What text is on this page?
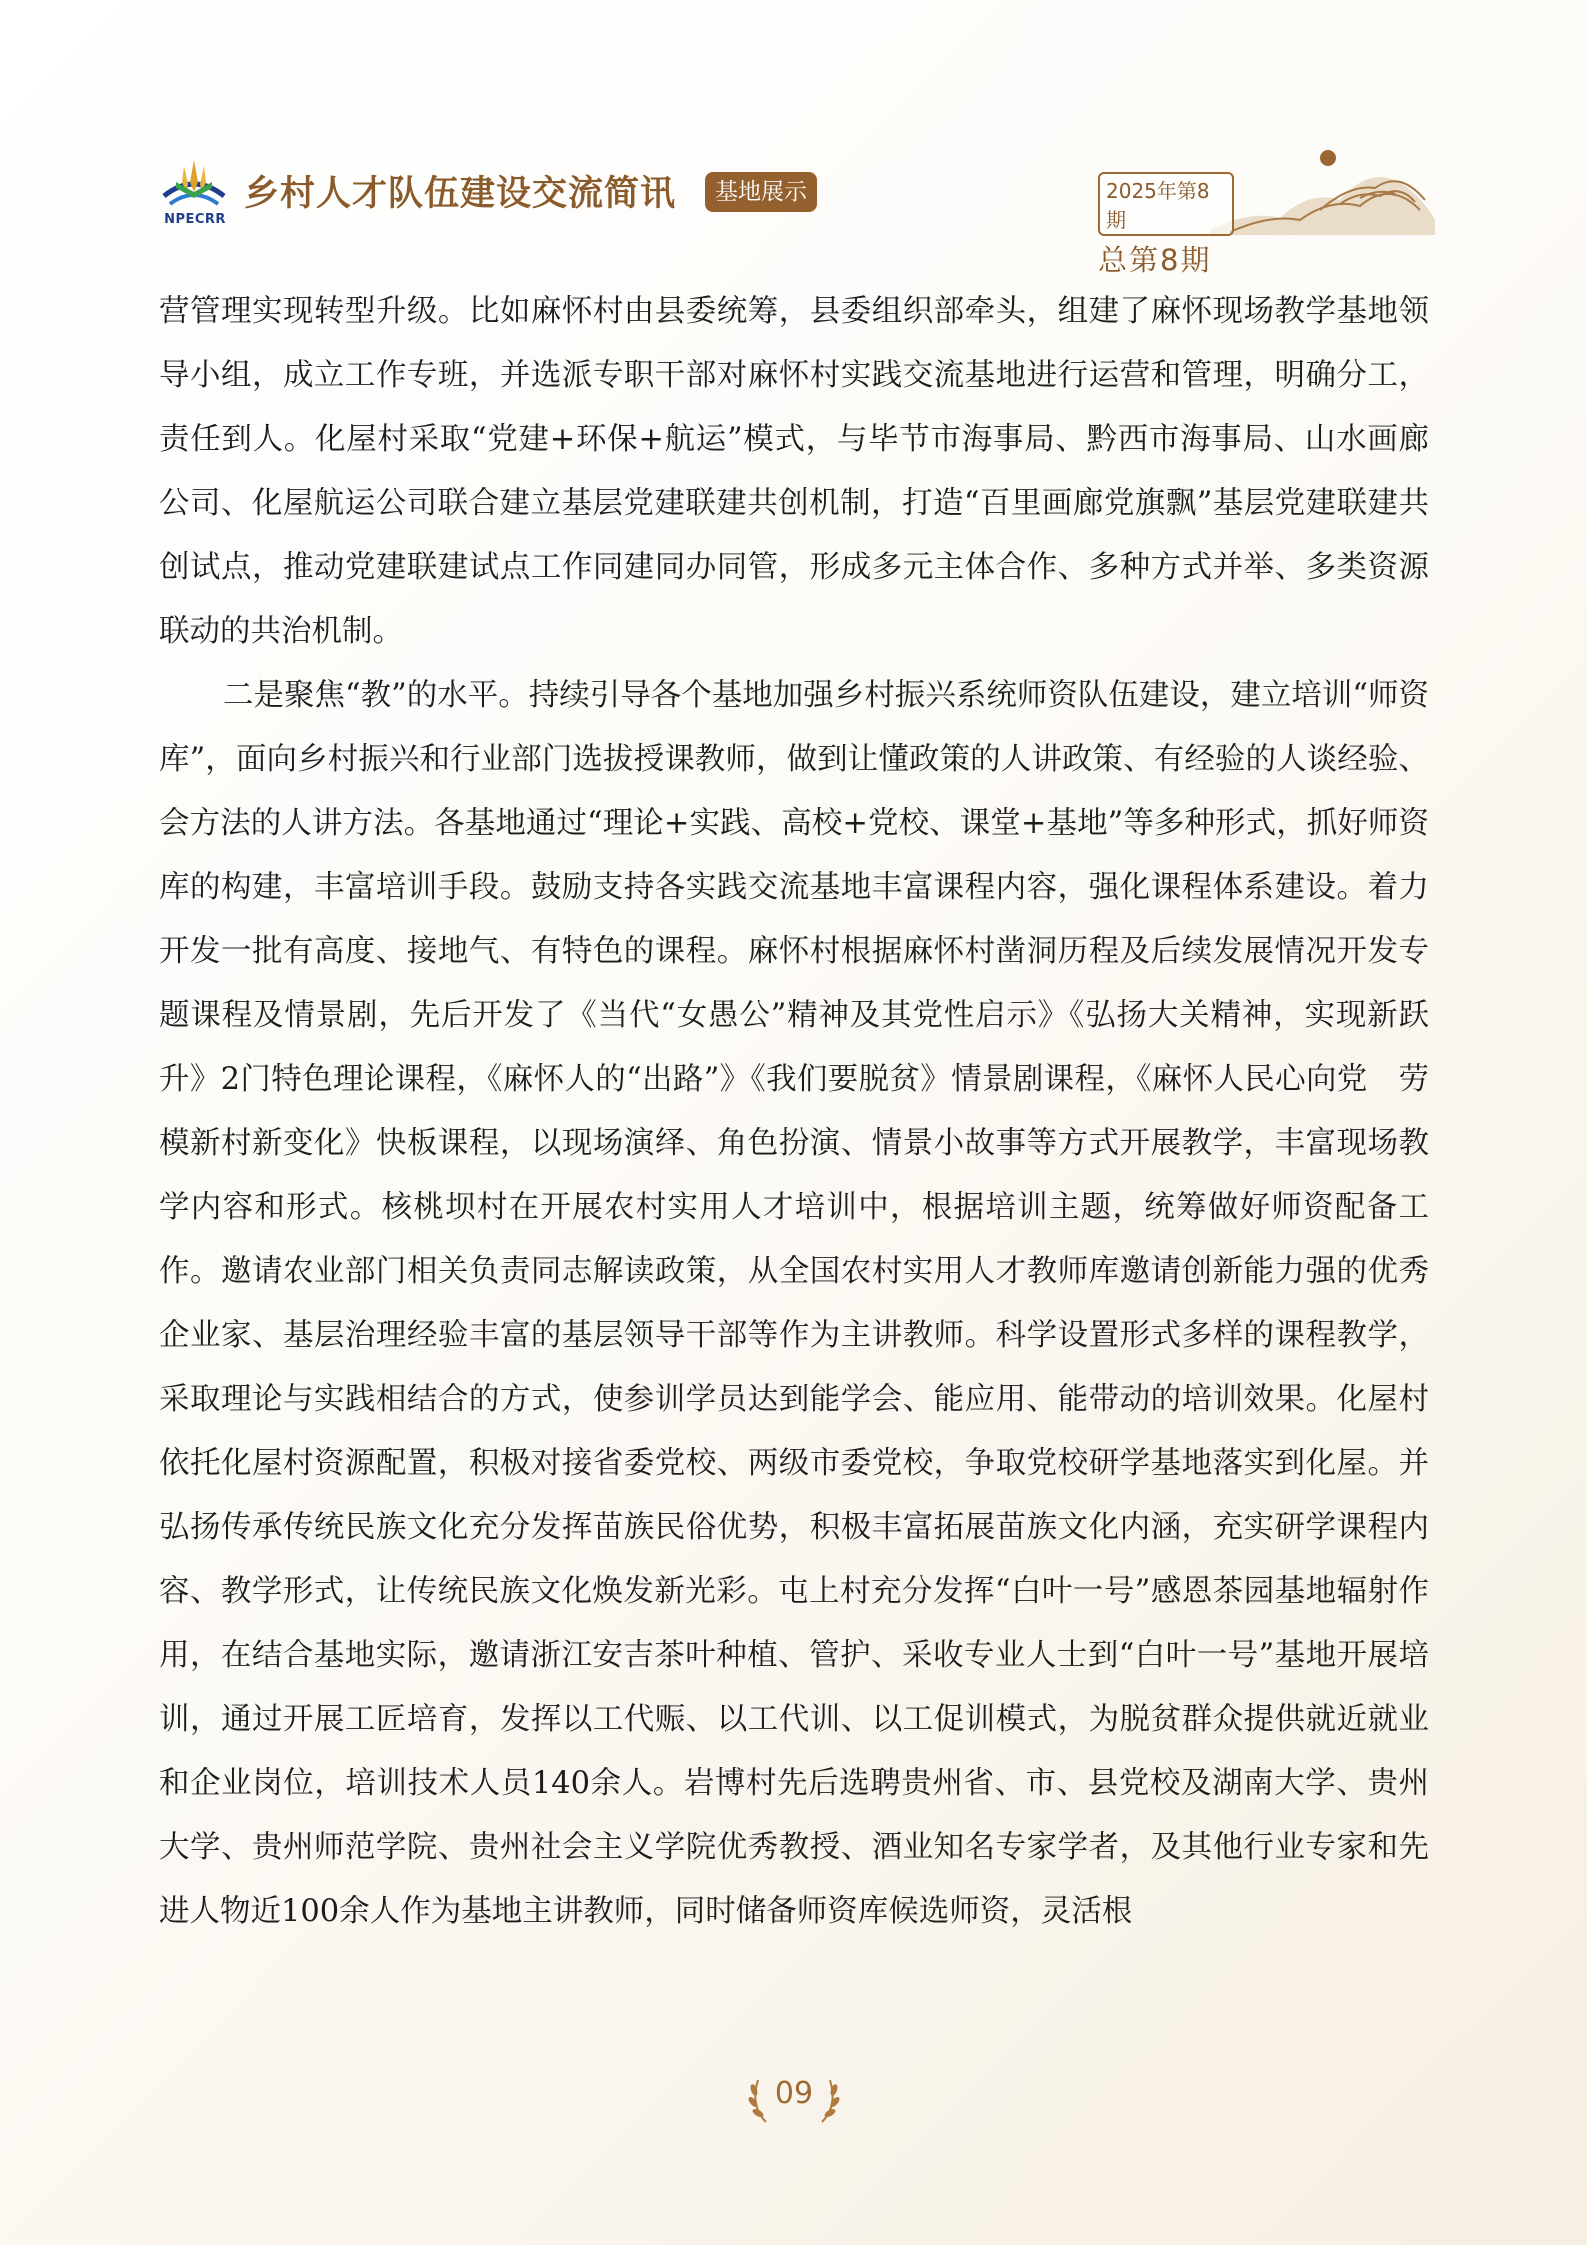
NPECRR
乡村人才队伍建设交流简讯	基地展示	2025年第8期
总第8期

营管理实现转型升级。比如麻怀村由县委统筹，县委组织部牵头，组建了麻怀现场教学基地领导小组，成立工作专班，并选派专职干部对麻怀村实践交流基地进行运营和管理，明确分工，责任到人。化屋村采取“党建+环保+航运”模式，与毕节市海事局、黔西市海事局、山水画廊公司、化屋航运公司联合建立基层党建联建共创机制，打造“百里画廊党旗飘”基层党建联建共创试点，推动党建联建试点工作同建同办同管，形成多元主体合作、多种方式并举、多类资源联动的共治机制。

二是聚焦“教”的水平。持续引导各个基地加强乡村振兴系统师资队伍建设，建立培训“师资库”，面向乡村振兴和行业部门选拔授课教师，做到让懂政策的人讲政策、有经验的人谈经验、会方法的人讲方法。各基地通过“理论+实践、高校+党校、课堂+基地”等多种形式，抓好师资库的构建，丰富培训手段。鼓励支持各实践交流基地丰富课程内容，强化课程体系建设。着力开发一批有高度、接地气、有特色的课程。麻怀村根据麻怀村凿洞历程及后续发展情况开发专题课程及情景剧，先后开发了《当代“女愚公”精神及其党性启示》《弘扬大关精神，实现新跃升》2门特色理论课程，《麻怀人的“出路”》《我们要脱贫》情景剧课程，《麻怀人民心向党　劳模新村新变化》快板课程，以现场演绎、角色扮演、情景小故事等方式开展教学，丰富现场教学内容和形式。核桃坝村在开展农村实用人才培训中，根据培训主题，统筹做好师资配备工作。邀请农业部门相关负责同志解读政策，从全国农村实用人才教师库邀请创新能力强的优秀企业家、基层治理经验丰富的基层领导干部等作为主讲教师。科学设置形式多样的课程教学，采取理论与实践相结合的方式，使参训学员达到能学会、能应用、能带动的培训效果。化屋村依托化屋村资源配置，积极对接省委党校、两级市委党校，争取党校研学基地落实到化屋。并弘扬传承传统民族文化充分发挥苗族民俗优势，积极丰富拓展苗族文化内涵，充实研学课程内容、教学形式，让传统民族文化焕发新光彩。屯上村充分发挥“白叶一号”感恩茶园基地辐射作用，在结合基地实际，邀请浙江安吉茶叶种植、管护、采收专业人士到“白叶一号”基地开展培训，通过开展工匠培育，发挥以工代赈、以工代训、以工促训模式，为脱贫群众提供就近就业和企业岗位，培训技术人员140余人。岩博村先后选聘贵州省、市、县党校及湖南大学、贵州大学、贵州师范学院、贵州社会主义学院优秀教授、酒业知名专家学者，及其他行业专家和先进人物近100余人作为基地主讲教师，同时储备师资库候选师资，灵活根

09
